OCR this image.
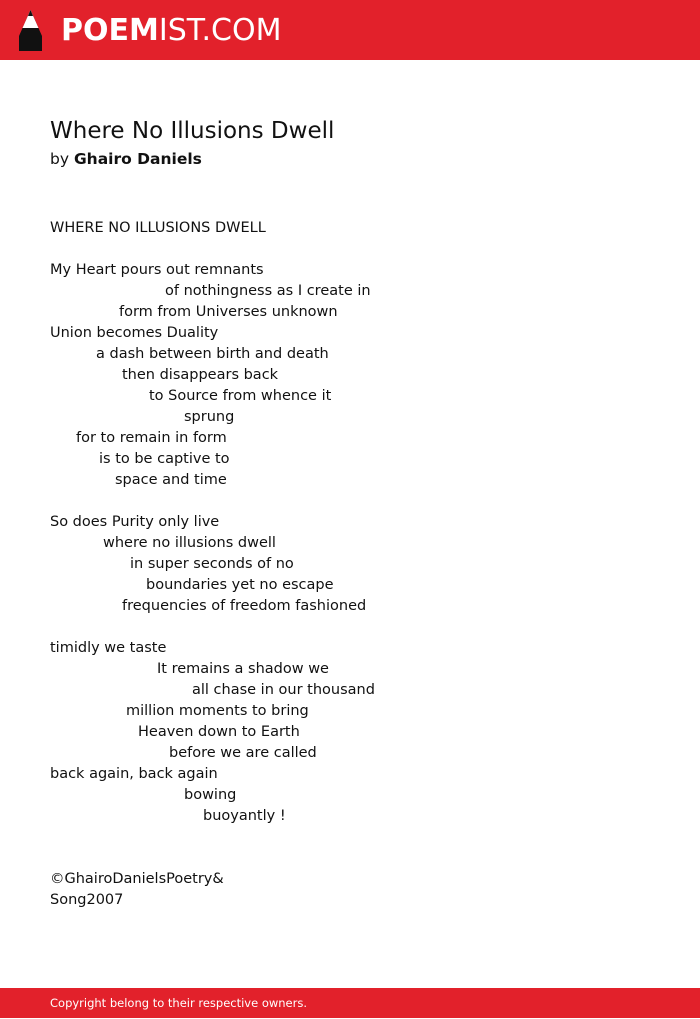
POEMIST.COM
Where No Illusions Dwell
by Ghairo Daniels
WHERE NO ILLUSIONS DWELL
My Heart pours out remnants
of nothingness as I create in
form from Universes unknown
Union becomes Duality
a dash between birth and death
then disappears back
to Source from whence it
sprung
for to remain in form
is to be captive to
space and time
So does Purity only live
where no illusions dwell
in super seconds of no
boundaries yet no escape
frequencies of freedom fashioned
timidly we taste
It remains a shadow we
all chase in our thousand
million moments to bring
Heaven down to Earth
before we are called
back again, back again
bowing
buoyantly !
©GhairoDanielsPoetry&
Song2007
Copyright belong to their respective owners.
